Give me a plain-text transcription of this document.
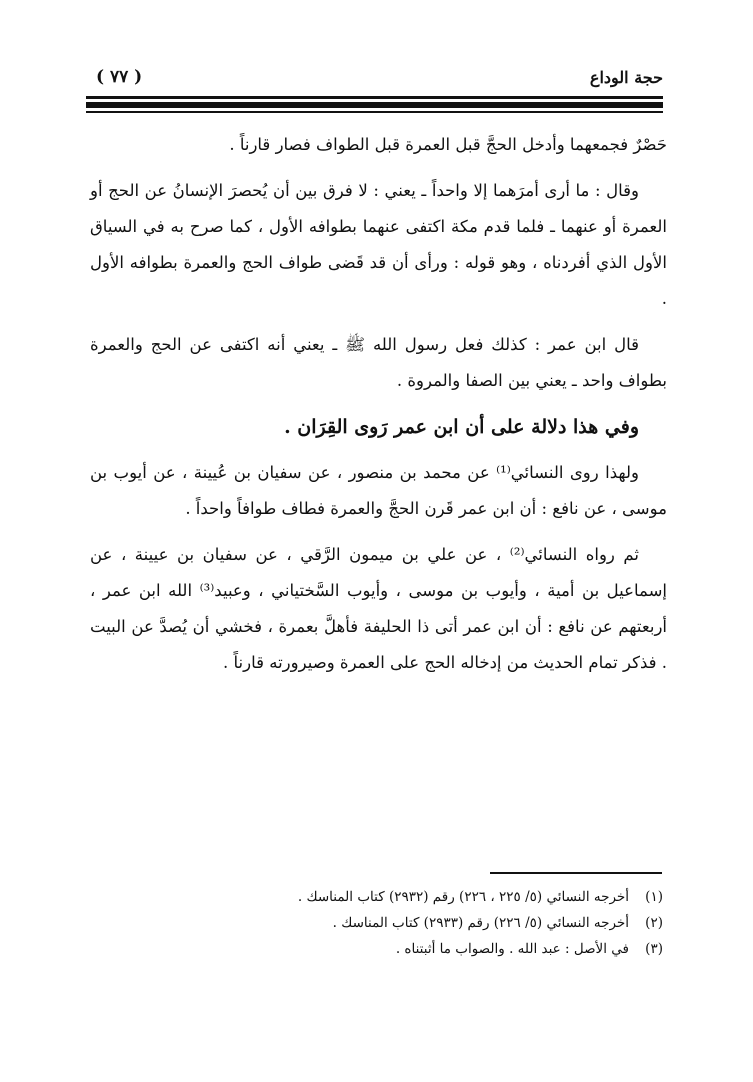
حجة الوداع
( ٧٧ )

حَصْرٌ فجمعهما وأدخل الحجَّ قبل العمرة قبل الطواف فصار قارناً .

وقال : ما أرى أمرَهما إلا واحداً ـ يعني : لا فرق بين أن يُحصرَ الإنسانُ عن الحج أو العمرة أو عنهما ـ فلما قدم مكة اكتفى عنهما بطوافه الأول ، كما صرح به في السياق الأول الذي أفردناه ، وهو قوله : ورأى أن قد قَضى طواف الحج والعمرة بطوافه الأول .

قال ابن عمر : كذلك فعل رسول الله ﷺ ـ يعني أنه اكتفى عن الحج والعمرة بطواف واحد ـ يعني بين الصفا والمروة .

وفي هذا دلالة على أن ابن عمر رَوى القِرَان .

ولهذا روى النسائي⁽¹⁾ عن محمد بن منصور ، عن سفيان بن عُيينة ، عن أيوب بن موسى ، عن نافع : أن ابن عمر قَرن الحجَّ والعمرة فطاف طوافاً واحداً .

ثم رواه النسائي⁽²⁾ ، عن علي بن ميمون الرَّقي ، عن سفيان بن عيينة ، عن إسماعيل بن أمية ، وأيوب بن موسى ، وأيوب السَّختياني ، وعبيد⁽³⁾ الله ابن عمر ، أربعتهم عن نافع : أن ابن عمر أتى ذا الحليفة فأهلَّ بعمرة ، فخشي أن يُصدَّ عن البيت . فذكر تمام الحديث من إدخاله الحج على العمرة وصيرورته قارناً .

(١)أخرجه النسائي (٥/ ٢٢٥ ، ٢٢٦) رقم (٢٩٣٢) كتاب المناسك .
(٢)أخرجه النسائي (٥/ ٢٢٦) رقم (٢٩٣٣) كتاب المناسك .
(٣)في الأصل : عبد الله . والصواب ما أثبتناه .
